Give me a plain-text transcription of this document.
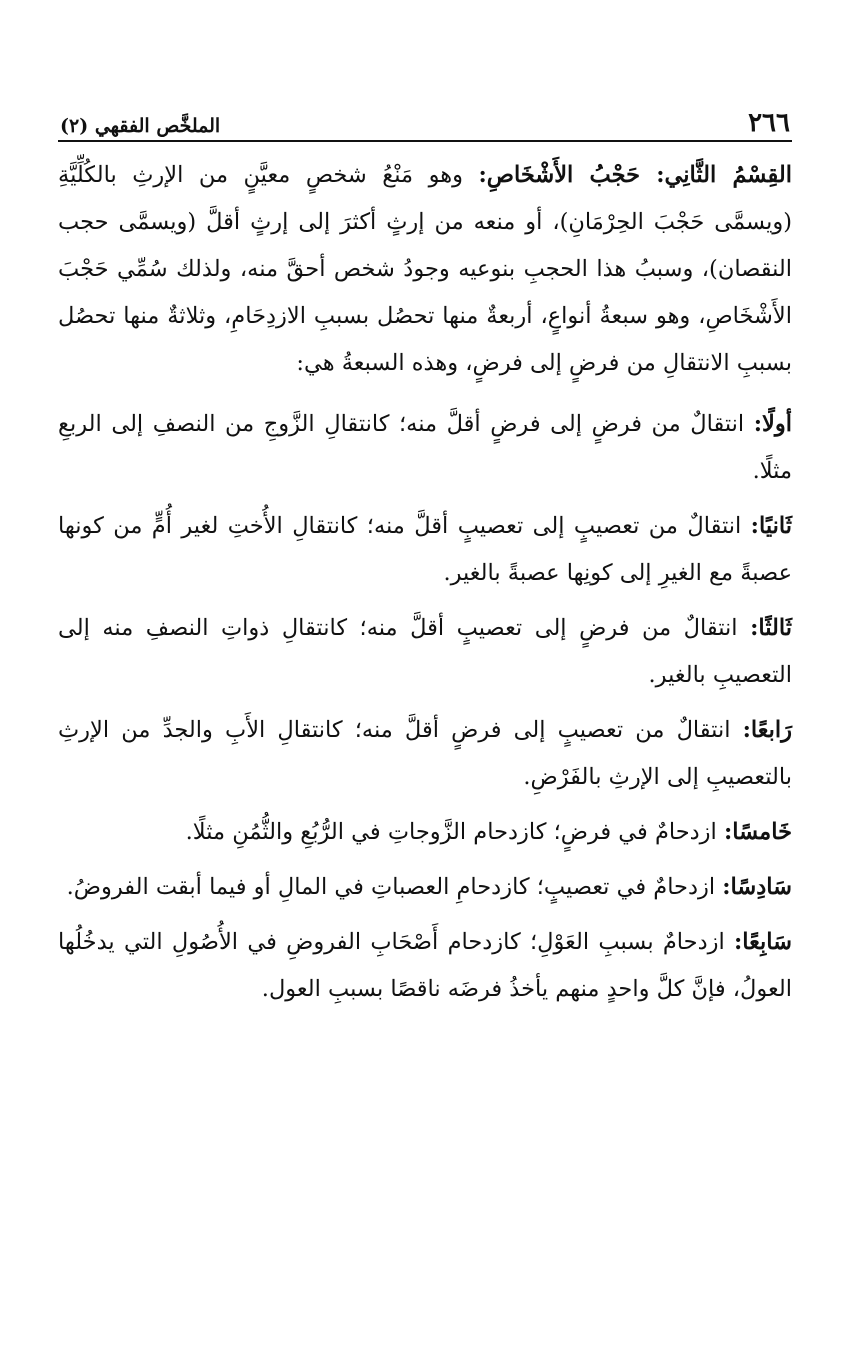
٢٦٦
الملخَّص الفقهي (٢)

القِسْمُ الثَّانِي: حَجْبُ الأَشْخَاصِ: وهو مَنْعُ شخصٍ معيَّنٍ من الإرثِ بالكُلِّيَّةِ (ويسمَّى حَجْبَ الحِرْمَانِ)، أو منعه من إرثٍ أكثرَ إلى إرثٍ أقلَّ (ويسمَّى حجب النقصان)، وسببُ هذا الحجبِ بنوعيه وجودُ شخص أحقَّ منه، ولذلك سُمِّي حَجْبَ الأَشْخَاصِ، وهو سبعةُ أنواعٍ، أربعةٌ منها تحصُل بسببِ الازدِحَامِ، وثلاثةٌ منها تحصُل بسببِ الانتقالِ من فرضٍ إلى فرضٍ، وهذه السبعةُ هي:

أولًا: انتقالٌ من فرضٍ إلى فرضٍ أقلَّ منه؛ كانتقالِ الزَّوجِ من النصفِ إلى الربعِ مثلًا.

ثَانيًا: انتقالٌ من تعصيبٍ إلى تعصيبٍ أقلَّ منه؛ كانتقالِ الأُختِ لغير أُمٍّ من كونها عصبةً مع الغيرِ إلى كونِها عصبةً بالغير.

ثَالثًا: انتقالٌ من فرضٍ إلى تعصيبٍ أقلَّ منه؛ كانتقالِ ذواتِ النصفِ منه إلى التعصيبِ بالغير.

رَابعًا: انتقالٌ من تعصيبٍ إلى فرضٍ أقلَّ منه؛ كانتقالِ الأَبِ والجدِّ من الإرثِ بالتعصيبِ إلى الإرثِ بالفَرْضِ.

خَامسًا: ازدحامٌ في فرضٍ؛ كازدحام الزَّوجاتِ في الرُّبُعِ والثُّمُنِ مثلًا.

سَادِسًا: ازدحامٌ في تعصيبٍ؛ كازدحامِ العصباتِ في المالِ أو فيما أبقت الفروضُ.

سَابِعًا: ازدحامٌ بسببِ العَوْلِ؛ كازدحام أَصْحَابِ الفروضِ في الأُصُولِ التي يدخُلُها العولُ، فإنَّ كلَّ واحدٍ منهم يأخذُ فرضَه ناقصًا بسببِ العول.
